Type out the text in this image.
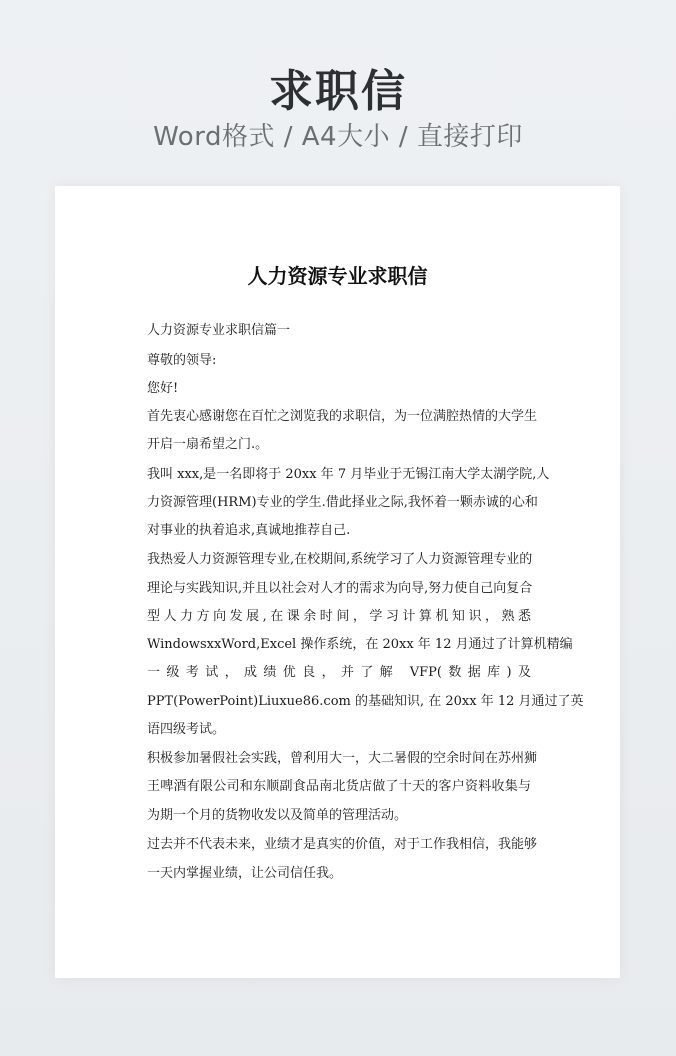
求职信
Word格式 / A4大小 / 直接打印
人力资源专业求职信
人力资源专业求职信篇一
尊敬的领导:
您好!
首先衷心感谢您在百忙之浏览我的求职信，为一位满腔热情的大学生
开启一扇希望之门.。
我叫 xxx,是一名即将于 20xx 年 7 月毕业于无锡江南大学太湖学院,人
力资源管理(HRM)专业的学生.借此择业之际,我怀着一颗赤诚的心和
对事业的执着追求,真诚地推荐自己.
我热爱人力资源管理专业,在校期间,系统学习了人力资源管理专业的
理论与实践知识,并且以社会对人才的需求为向导,努力使自己向复合
型人力方向发展,在课余时间，学习计算机知识，熟悉
WindowsxxWord,Excel 操作系统，在 20xx 年 12 月通过了计算机精编
一级考试，成绩优良，并了解 VFP(数据库)及
PPT(PowerPoint)Liuxue86.com 的基础知识, 在 20xx 年 12 月通过了英
语四级考试。
积极参加暑假社会实践，曾利用大一，大二暑假的空余时间在苏州狮
王啤酒有限公司和东顺副食品南北货店做了十天的客户资料收集与
为期一个月的货物收发以及简单的管理活动。
过去并不代表未来，业绩才是真实的价值，对于工作我相信，我能够
一天内掌握业绩，让公司信任我。
